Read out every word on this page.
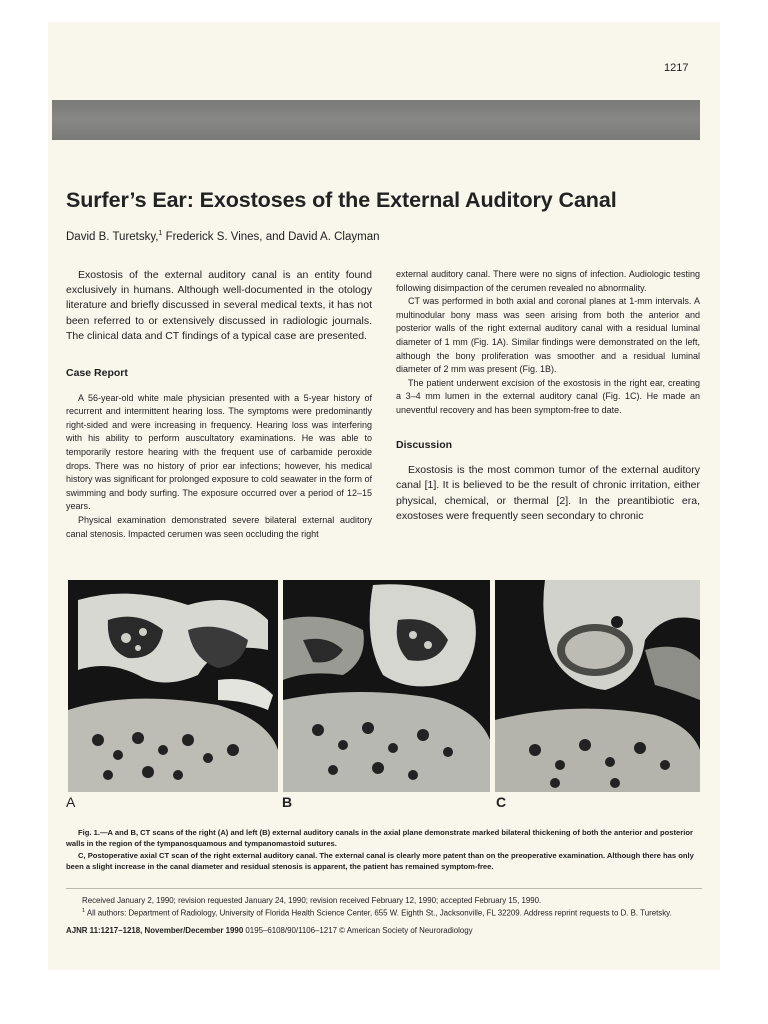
1217
Surfer’s Ear: Exostoses of the External Auditory Canal
David B. Turetsky,$^1$ Frederick S. Vines, and David A. Clayman

Exostosis of the external auditory canal is an entity found exclusively in humans. Although well-documented in the otology literature and briefly discussed in several medical texts, it has not been referred to or extensively discussed in radiologic journals. The clinical data and CT findings of a typical case are presented.

Case Report

A 56-year-old white male physician presented with a 5-year history of recurrent and intermittent hearing loss. The symptoms were predominantly right-sided and were increasing in frequency. Hearing loss was interfering with his ability to perform auscultatory examinations. He was able to temporarily restore hearing with the frequent use of carbamide peroxide drops. There was no history of prior ear infections; however, his medical history was significant for prolonged exposure to cold seawater in the form of swimming and body surfing. The exposure occurred over a period of 12–15 years.

Physical examination demonstrated severe bilateral external auditory canal stenosis. Impacted cerumen was seen occluding the right

external auditory canal. There were no signs of infection. Audiologic testing following disimpaction of the cerumen revealed no abnormality.

CT was performed in both axial and coronal planes at 1-mm intervals. A multinodular bony mass was seen arising from both the anterior and posterior walls of the right external auditory canal with a residual luminal diameter of 1 mm (Fig. 1A). Similar findings were demonstrated on the left, although the bony proliferation was smoother and a residual luminal diameter of 2 mm was present (Fig. 1B).

The patient underwent excision of the exostosis in the right ear, creating a 3–4 mm lumen in the external auditory canal (Fig. 1C). He made an uneventful recovery and has been symptom-free to date.

Discussion

Exostosis is the most common tumor of the external auditory canal [1]. It is believed to be the result of chronic irritation, either physical, chemical, or thermal [2]. In the preantibiotic era, exostoses were frequently seen secondary to chronic

A	B	C

Fig. 1.—A and B, CT scans of the right (A) and left (B) external auditory canals in the axial plane demonstrate marked bilateral thickening of both the anterior and posterior walls in the region of the tympanosquamous and tympanomastoid sutures.

C, Postoperative axial CT scan of the right external auditory canal. The external canal is clearly more patent than on the preoperative examination. Although there has only been a slight increase in the canal diameter and residual stenosis is apparent, the patient has remained symptom-free.

Received January 2, 1990; revision requested January 24, 1990; revision received February 12, 1990; accepted February 15, 1990.

$^1$ All authors: Department of Radiology, University of Florida Health Science Center, 655 W. Eighth St., Jacksonville, FL 32209. Address reprint requests to D. B. Turetsky.

AJNR 11:1217–1218, November/December 1990 0195–6108/90/1106–1217 © American Society of Neuroradiology
